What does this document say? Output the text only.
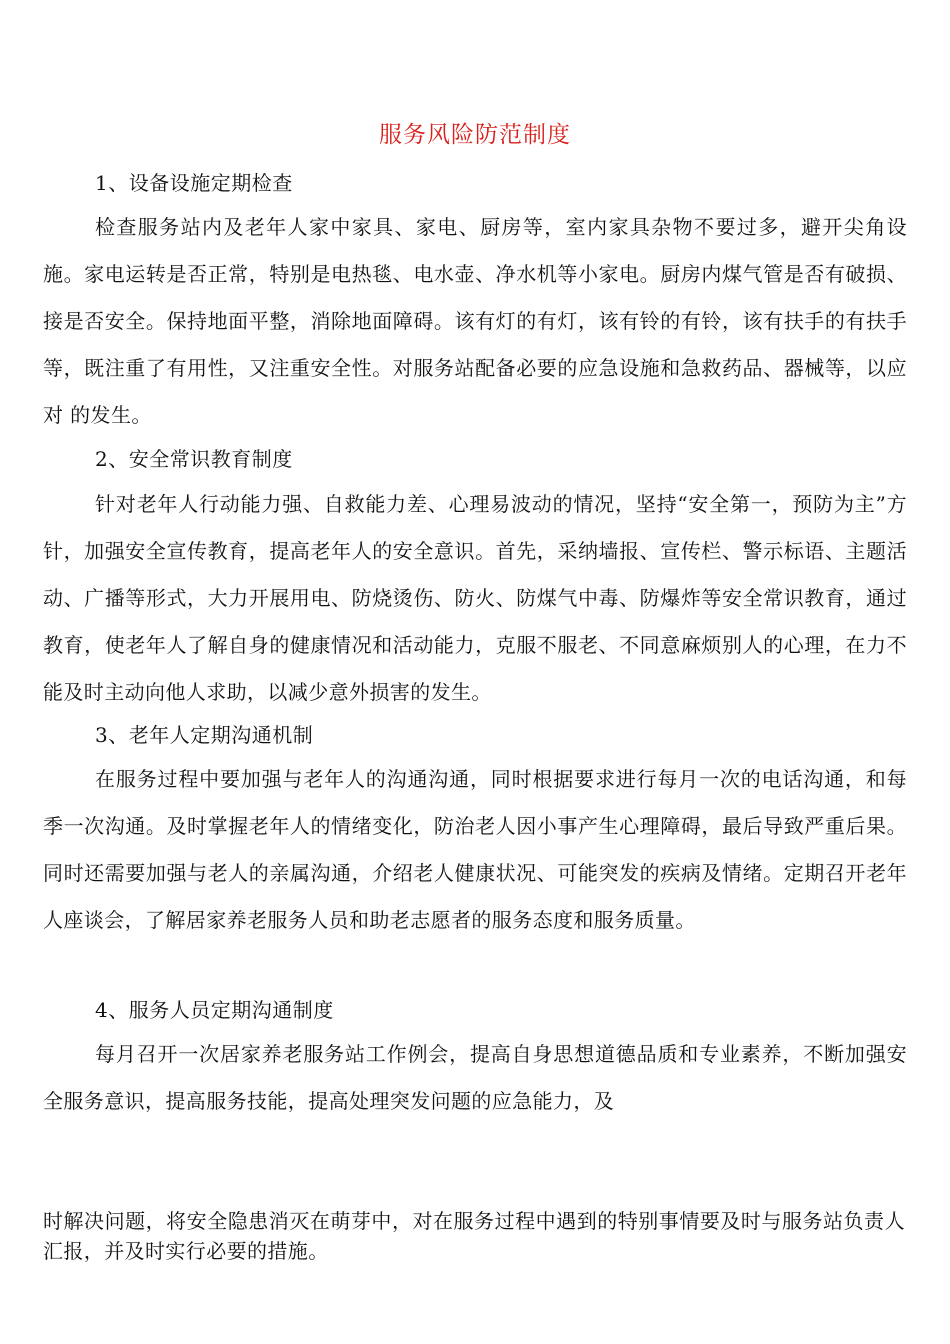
服务风险防范制度
1、设备设施定期检查
检查服务站内及老年人家中家具、家电、厨房等，室内家具杂物不要过多，避开尖角设施。家电运转是否正常，特别是电热毯、电水壶、净水机等小家电。厨房内煤气管是否有破损、接是否安全。保持地面平整，消除地面障碍。该有灯的有灯，该有铃的有铃，该有扶手的有扶手等，既注重了有用性，又注重安全性。对服务站配备必要的应急设施和急救药品、器械等，以应对 的发生。
2、安全常识教育制度
针对老年人行动能力强、自救能力差、心理易波动的情况，坚持“安全第一，预防为主”方针，加强安全宣传教育，提高老年人的安全意识。首先，采纳墙报、宣传栏、警示标语、主题活动、广播等形式，大力开展用电、防烧烫伤、防火、防煤气中毒、防爆炸等安全常识教育，通过教育，使老年人了解自身的健康情况和活动能力，克服不服老、不同意麻烦别人的心理，在力不能及时主动向他人求助，以减少意外损害的发生。
3、老年人定期沟通机制
在服务过程中要加强与老年人的沟通沟通，同时根据要求进行每月一次的电话沟通，和每季一次沟通。及时掌握老年人的情绪变化，防治老人因小事产生心理障碍，最后导致严重后果。同时还需要加强与老人的亲属沟通，介绍老人健康状况、可能突发的疾病及情绪。定期召开老年人座谈会，了解居家养老服务人员和助老志愿者的服务态度和服务质量。
4、服务人员定期沟通制度
每月召开一次居家养老服务站工作例会，提高自身思想道德品质和专业素养，不断加强安全服务意识，提高服务技能，提高处理突发问题的应急能力，及
时解决问题，将安全隐患消灭在萌芽中，对在服务过程中遇到的特别事情要及时与服务站负责人汇报，并及时实行必要的措施。
